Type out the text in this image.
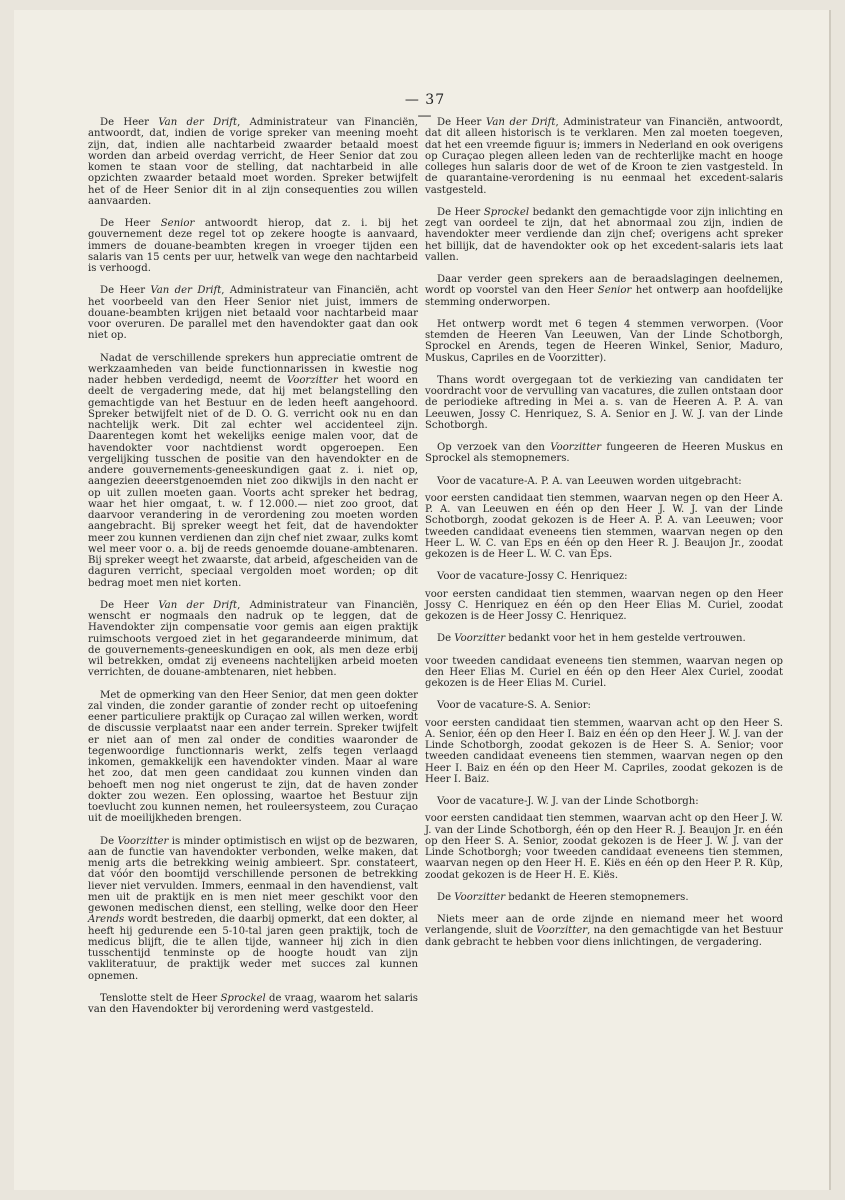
— 37 —

De Heer Van der Drift, Administrateur van Financiën, antwoordt, dat, indien de vorige spreker van meening moeht zijn, dat, indien alle nachtarbeid zwaarder betaald moest worden dan arbeid overdag verricht, de Heer Senior dat zou komen te staan voor de stelling, dat nachtarbeid in alle opzichten zwaarder betaald moet worden. Spreker betwijfelt het of de Heer Senior dit in al zijn consequenties zou willen aanvaarden.

De Heer Senior antwoordt hierop, dat z. i. bij het gouvernement deze regel tot op zekere hoogte is aanvaard, immers de douane-beambten kregen in vroeger tijden een salaris van 15 cents per uur, hetwelk van wege den nachtarbeid is verhoogd.

De Heer Van der Drift, Administrateur van Financiën, acht het voorbeeld van den Heer Senior niet juist, immers de douane-beambten krijgen niet betaald voor nachtarbeid maar voor overuren. De parallel met den havendokter gaat dan ook niet op.

Nadat de verschillende sprekers hun appreciatie omtrent de werkzaamheden van beide functionnarissen in kwestie nog nader hebben verdedigd, neemt de Voorzitter het woord en deelt de vergadering mede, dat hij met belangstelling den gemachtigde van het Bestuur en de leden heeft aangehoord. Spreker betwijfelt niet of de D. O. G. verricht ook nu en dan nachtelijk werk. Dit zal echter wel accidenteel zijn. Daarentegen komt het wekelijks eenige malen voor, dat de havendokter voor nachtdienst wordt opgeroepen. Een vergelijking tusschen de positie van den havendokter en de andere gouvernements-geneeskundigen gaat z. i. niet op, aangezien deeerstgenoemden niet zoo dikwijls in den nacht er op uit zullen moeten gaan. Voorts acht spreker het bedrag, waar het hier omgaat, t. w. f 12.000.— niet zoo groot, dat daarvoor verandering in de verordening zou moeten worden aangebracht. Bij spreker weegt het feit, dat de havendokter meer zou kunnen verdienen dan zijn chef niet zwaar, zulks komt wel meer voor o. a. bij de reeds genoemde douane-ambtenaren. Bij spreker weegt het zwaarste, dat arbeid, afgescheiden van de daguren verricht, speciaal vergolden moet worden; op dit bedrag moet men niet korten.

De Heer Van der Drift, Administrateur van Financiën, wenscht er nogmaals den nadruk op te leggen, dat de Havendokter zijn compensatie voor gemis aan eigen praktijk ruimschoots vergoed ziet in het gegarandeerde minimum, dat de gouvernements-geneeskundigen en ook, als men deze erbij wil betrekken, omdat zij eveneens nachtelijken arbeid moeten verrichten, de douane-ambtenaren, niet hebben.

Met de opmerking van den Heer Senior, dat men geen dokter zal vinden, die zonder garantie of zonder recht op uitoefening eener particuliere praktijk op Curaçao zal willen werken, wordt de discussie verplaatst naar een ander terrein. Spreker twijfelt er niet aan of men zal onder de condities waaronder de tegenwoordige functionnaris werkt, zelfs tegen verlaagd inkomen, gemakkelijk een havendokter vinden. Maar al ware het zoo, dat men geen candidaat zou kunnen vinden dan behoeft men nog niet ongerust te zijn, dat de haven zonder dokter zou wezen. Een oplossing, waartoe het Bestuur zijn toevlucht zou kunnen nemen, het rouleersysteem, zou Curaçao uit de moeilijkheden brengen.

De Voorzitter is minder optimistisch en wijst op de bezwaren, aan de functie van havendokter verbonden, welke maken, dat menig arts die betrekking weinig ambieert. Spr. constateert, dat vóór den boomtijd verschillende personen de betrekking liever niet vervulden. Immers, eenmaal in den havendienst, valt men uit de praktijk en is men niet meer geschikt voor den gewonen medischen dienst, een stelling, welke door den Heer Arends wordt bestreden, die daarbij opmerkt, dat een dokter, al heeft hij gedurende een 5-10-tal jaren geen praktijk, toch de medicus blijft, die te allen tijde, wanneer hij zich in dien tusschentijd tenminste op de hoogte houdt van zijn vakliteratuur, de praktijk weder met succes zal kunnen opnemen.

Tenslotte stelt de Heer Sprockel de vraag, waarom het salaris van den Havendokter bij verordening werd vastgesteld.

De Heer Van der Drift, Administrateur van Financiën, antwoordt, dat dit alleen historisch is te verklaren. Men zal moeten toegeven, dat het een vreemde figuur is; immers in Nederland en ook overigens op Curaçao plegen alleen leden van de rechterlijke macht en hooge colleges hun salaris door de wet of de Kroon te zien vastgesteld. In de quarantaine-verordening is nu eenmaal het excedent-salaris vastgesteld.

De Heer Sprockel bedankt den gemachtigde voor zijn inlichting en zegt van oordeel te zijn, dat het abnormaal zou zijn, indien de havendokter meer verdiende dan zijn chef; overigens acht spreker het billijk, dat de havendokter ook op het excedent-salaris iets laat vallen.

Daar verder geen sprekers aan de beraadslagingen deelnemen, wordt op voorstel van den Heer Senior het ontwerp aan hoofdelijke stemming onderworpen.

Het ontwerp wordt met 6 tegen 4 stemmen verworpen. (Voor stemden de Heeren Van Leeuwen, Van der Linde Schotborgh, Sprockel en Arends, tegen de Heeren Winkel, Senior, Maduro, Muskus, Capriles en de Voorzitter).

Thans wordt overgegaan tot de verkiezing van candidaten ter voordracht voor de vervulling van vacatures, die zullen ontstaan door de periodieke aftreding in Mei a. s. van de Heeren A. P. A. van Leeuwen, Jossy C. Henriquez, S. A. Senior en J. W. J. van der Linde Schotborgh.

Op verzoek van den Voorzitter fungeeren de Heeren Muskus en Sprockel als stemopnemers.

Voor de vacature-A. P. A. van Leeuwen worden uitgebracht:

voor eersten candidaat tien stemmen, waarvan negen op den Heer A. P. A. van Leeuwen en één op den Heer J. W. J. van der Linde Schotborgh, zoodat gekozen is de Heer A. P. A. van Leeuwen; voor tweeden candidaat eveneens tien stemmen, waarvan negen op den Heer L. W. C. van Eps en één op den Heer R. J. Beaujon Jr., zoodat gekozen is de Heer L. W. C. van Eps.

Voor de vacature-Jossy C. Henriquez:

voor eersten candidaat tien stemmen, waarvan negen op den Heer Jossy C. Henriquez en één op den Heer Elias M. Curiel, zoodat gekozen is de Heer Jossy C. Henriquez.

De Voorzitter bedankt voor het in hem gestelde vertrouwen.

voor tweeden candidaat eveneens tien stemmen, waarvan negen op den Heer Elias M. Curiel en één op den Heer Alex Curiel, zoodat gekozen is de Heer Elias M. Curiel.

Voor de vacature-S. A. Senior:

voor eersten candidaat tien stemmen, waarvan acht op den Heer S. A. Senior, één op den Heer I. Baiz en één op den Heer J. W. J. van der Linde Schotborgh, zoodat gekozen is de Heer S. A. Senior; voor tweeden candidaat eveneens tien stemmen, waarvan negen op den Heer I. Baiz en één op den Heer M. Capriles, zoodat gekozen is de Heer I. Baiz.

Voor de vacature-J. W. J. van der Linde Schotborgh:

voor eersten candidaat tien stemmen, waarvan acht op den Heer J. W. J. van der Linde Schotborgh, één op den Heer R. J. Beaujon Jr. en één op den Heer S. A. Senior, zoodat gekozen is de Heer J. W. J. van der Linde Schotborgh; voor tweeden candidaat eveneens tien stemmen, waarvan negen op den Heer H. E. Kiës en één op den Heer P. R. Küp, zoodat gekozen is de Heer H. E. Kiës.

De Voorzitter bedankt de Heeren stemopnemers.

Niets meer aan de orde zijnde en niemand meer het woord verlangende, sluit de Voorzitter, na den gemachtigde van het Bestuur dank gebracht te hebben voor diens inlichtingen, de vergadering.
